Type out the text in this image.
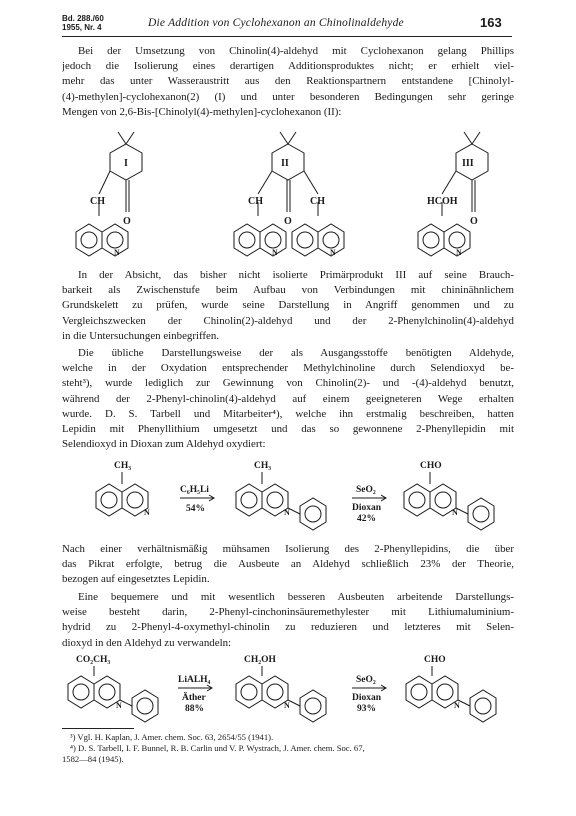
Bd. 288./60
1955, Nr. 4	Die Addition von Cyclohexanon an Chinolinaldehyde	163
Bei der Umsetzung von Chinolin(4)-aldehyd mit Cyclohexanon gelang Phillips
jedoch die Isolierung eines derartigen Additionsproduktes nicht; er erhielt viel-
mehr das unter Wasseraustritt aus den Reaktionspartnern entstandene [Chinolyl-
(4)-methylen]-cyclohexanon(2) (I) und unter besonderen Bedingungen sehr geringe
Mengen von 2,6-Bis-[Chinolyl(4)-methylen]-cyclohexanon (II):
I
CH
O
N
II
CH	CH
O
N	N
III
HCOH
O
N
In der Absicht, das bisher nicht isolierte Primärprodukt III auf seine Brauch-
barkeit als Zwischenstufe beim Aufbau von Verbindungen mit chininähnlichem
Grundskelett zu prüfen, wurde seine Darstellung in Angriff genommen und zu
Vergleichszwecken der Chinolin(2)-aldehyd und der 2-Phenylchinolin(4)-aldehyd
in die Untersuchungen einbegriffen.
Die übliche Darstellungsweise der als Ausgangsstoffe benötigten Aldehyde,
welche in der Oxydation entsprechender Methylchinoline durch Selendioxyd be-
steht³), wurde lediglich zur Gewinnung von Chinolin(2)- und -(4)-aldehyd benutzt,
während der 2-Phenyl-chinolin(4)-aldehyd auf einem geeigneteren Wege erhalten
wurde. D. S. Tarbell und Mitarbeiter⁴), welche ihn erstmalig beschreiben, hatten
Lepidin mit Phenyllithium umgesetzt und das so gewonnene 2-Phenyllepidin mit
Selendioxyd in Dioxan zum Aldehyd oxydiert:
CH₃
N
C₆H₅Li
54%
CH₃
N
SeO₂
Dioxan
42%
CHO
N
Nach einer verhältnismäßig mühsamen Isolierung des 2-Phenyllepidins, die über
das Pikrat erfolgte, betrug die Ausbeute an Aldehyd schließlich 23% der Theorie,
bezogen auf eingesetztes Lepidin.
Eine bequemere und mit wesentlich besseren Ausbeuten arbeitende Darstellungs-
weise besteht darin, 2-Phenyl-cinchoninsäuremethylester mit Lithiumaluminium-
hydrid zu 2-Phenyl-4-oxymethyl-chinolin zu reduzieren und letzteres mit Selen-
dioxyd in den Aldehyd zu verwandeln:
CO₂CH₃
N
LiALH₄
Äther
88%
CH₂OH
N
SeO₂
Dioxan
93%
CHO
N
³) Vgl. H. Kaplan, J. Amer. chem. Soc. 63, 2654/55 (1941).
⁴) D. S. Tarbell, I. F. Bunnel, R. B. Carlin und V. P. Wystrach, J. Amer. chem. Soc. 67,
1582—84 (1945).
